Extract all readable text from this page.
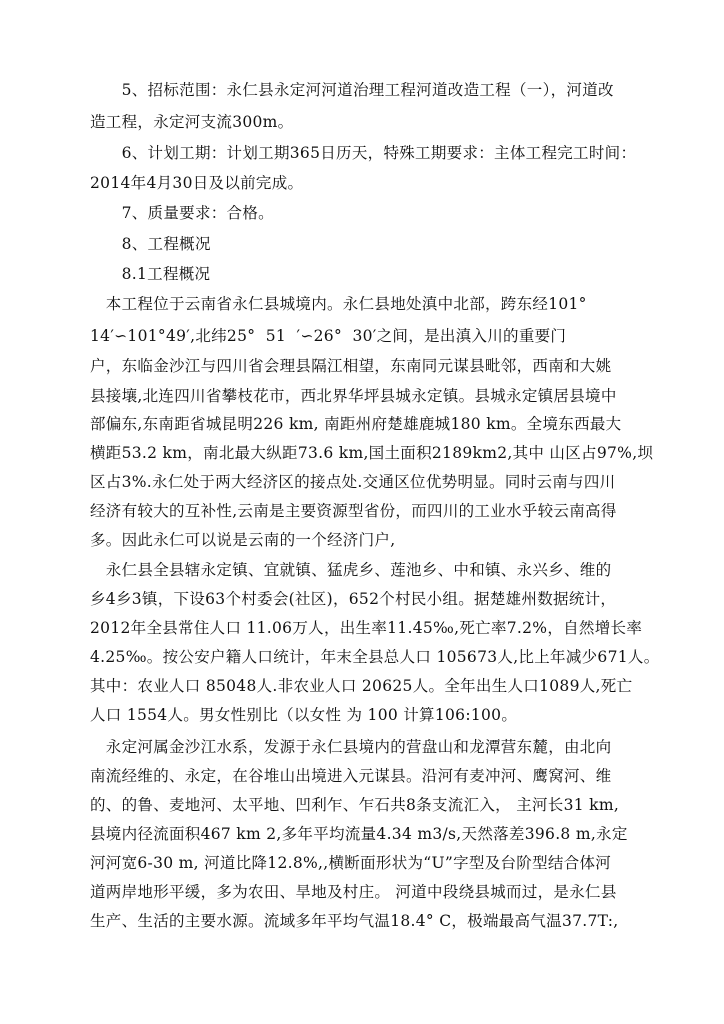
　　5、招标范围：永仁县永定河河道治理工程河道改造工程（一），河道改

造工程，永定河支流300m。

　　6、计划工期：计划工期365日历天，特殊工期要求：主体工程完工时间：

2014年4月30日及以前完成。

　　7、质量要求：合格。

　　8、工程概况

　　8.1工程概况

　本工程位于云南省永仁县城境内。永仁县地处滇中北部，跨东经101°

14′∽101°49′,北纬25°  51  ′∽26°  30′之间，是出滇入川的重要门

户，东临金沙江与四川省会理县隔江相望，东南同元谋县毗邻，西南和大姚

县接壤,北连四川省攀枝花市，西北界华坪县城永定镇。县城永定镇居县境中

部偏东,东南距省城昆明226 km, 南距州府楚雄鹿城180 km。全境东西最大

横距53.2 km，南北最大纵距73.6 km,国土面积2189km2,其中 山区占97%,坝

区占3%.永仁处于两大经济区的接点处.交通区位优势明显。同时云南与四川

经济有较大的互补性,云南是主要资源型省份，而四川的工业水乎较云南高得

多。因此永仁可以说是云南的一个经济门户,

　永仁县全县辖永定镇、宜就镇、猛虎乡、莲池乡、中和镇、永兴乡、维的

乡4乡3镇，下设63个村委会(社区)，652个村民小组。据楚雄州数据统计，

2012年全县常住人口 11.06万人，出生率11.45‰,死亡率7.2%，自然增长率

4.25‰。按公安户籍人口统计，年末全县总人口 105673人,比上年减少671人。

其中：农业人口 85048人.非农业人口 20625人。全年出生人口1089人,死亡

人口 1554人。男女性别比（以女性 为 100 计算106:100。

　永定河属金沙江水系，发源于永仁县境内的营盘山和龙潭营东麓，由北向

南流经维的、永定，在谷堆山出境进入元谋县。沿河有麦冲河、鹰窝河、维

的、的鲁、麦地河、太平地、凹利乍、乍石共8条支流汇入， 主河长31 km,

县境内径流面积467 km 2,多年平均流量4.34 m3/s,天然落差396.8 m,永定

河河宽6-30 m, 河道比降12.8%,,横断面形状为“U”字型及台阶型结合体河

道两岸地形平缓，多为农田、旱地及村庄。 河道中段绕县城而过，是永仁县

生产、生活的主要水源。流域多年平均气温18.4° C，极端最高气温37.7T:,
